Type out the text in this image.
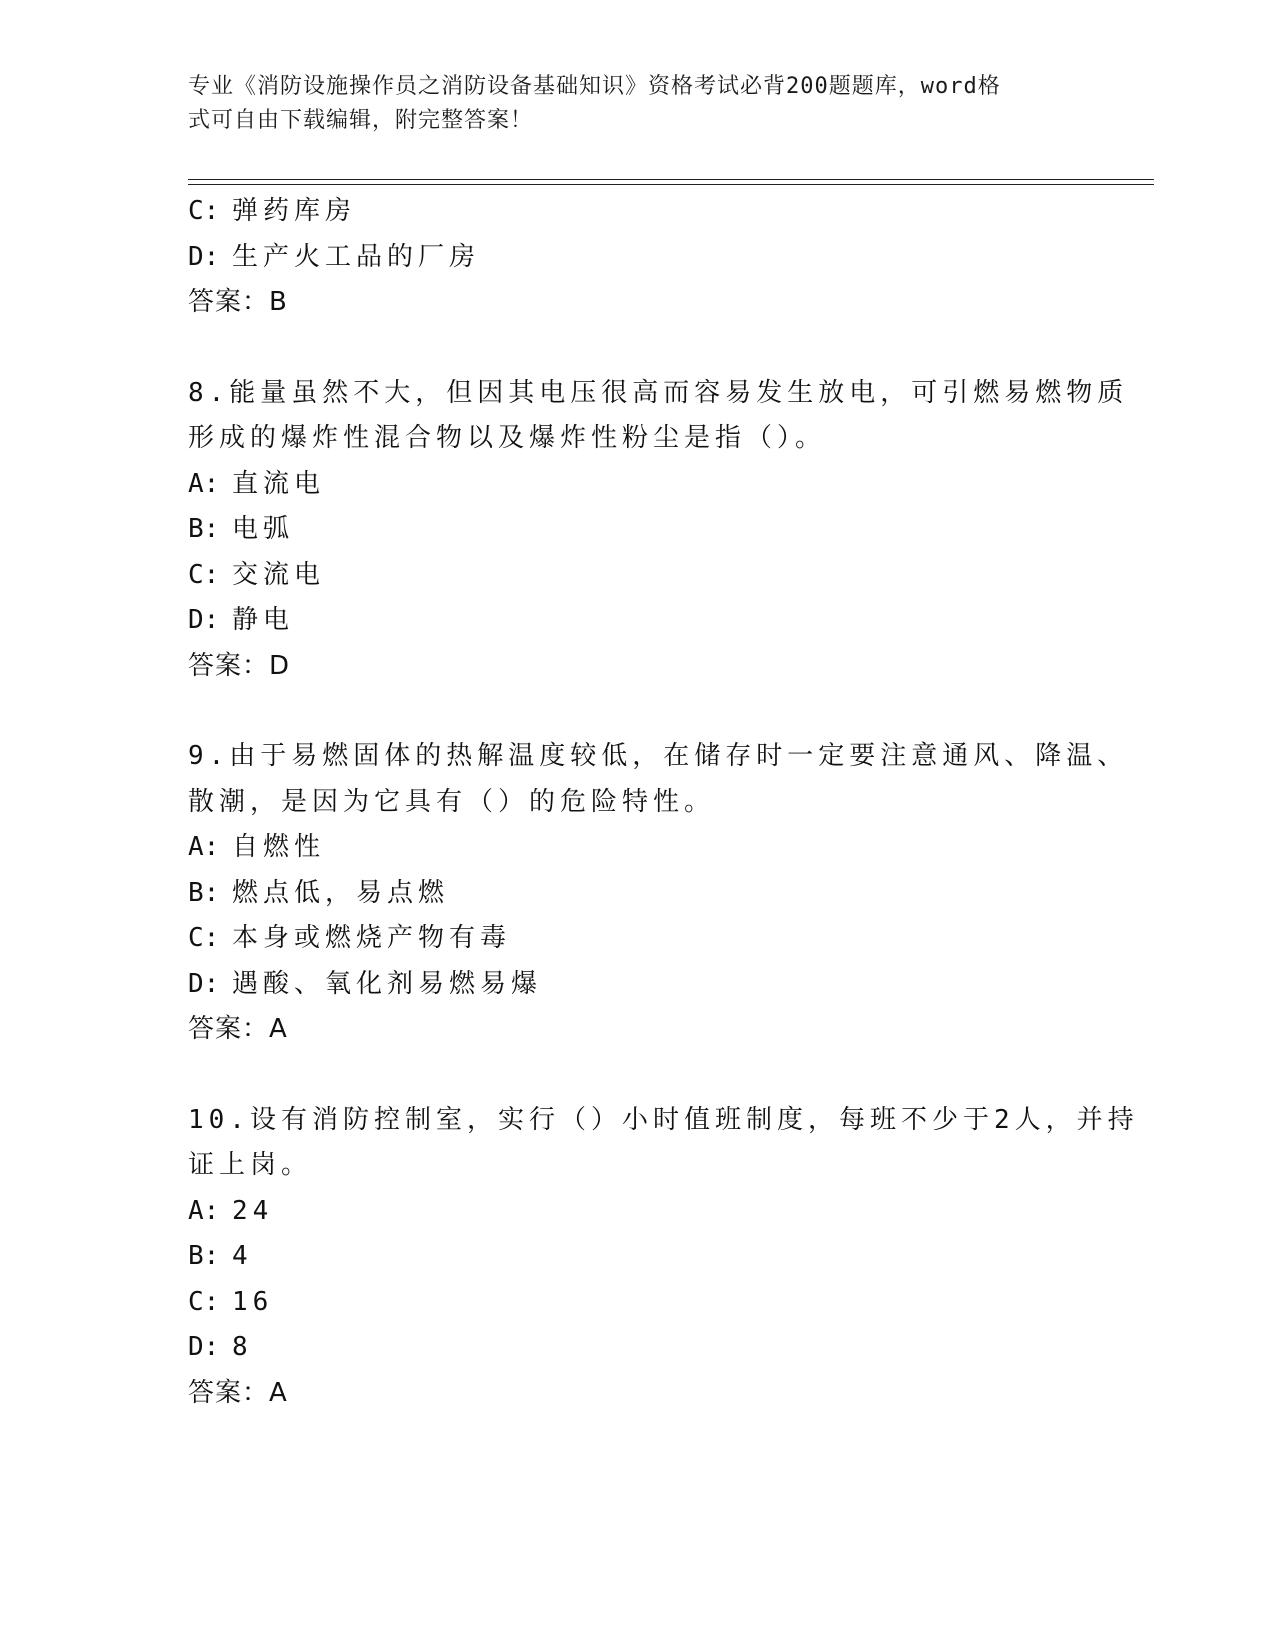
专业《消防设施操作员之消防设备基础知识》资格考试必背200题题库，word格
式可自由下载编辑，附完整答案！
C: 弹药库房
D: 生产火工品的厂房
答案：B
8.能量虽然不大，但因其电压很高而容易发生放电，可引燃易燃物质
形成的爆炸性混合物以及爆炸性粉尘是指（）。
A: 直流电
B: 电弧
C: 交流电
D: 静电
答案：D
9.由于易燃固体的热解温度较低，在储存时一定要注意通风、降温、
散潮，是因为它具有（）的危险特性。
A: 自燃性
B: 燃点低，易点燃
C: 本身或燃烧产物有毒
D: 遇酸、氧化剂易燃易爆
答案：A
10.设有消防控制室，实行（）小时值班制度，每班不少于2人，并持
证上岗。
A: 24
B: 4
C: 16
D: 8
答案：A
